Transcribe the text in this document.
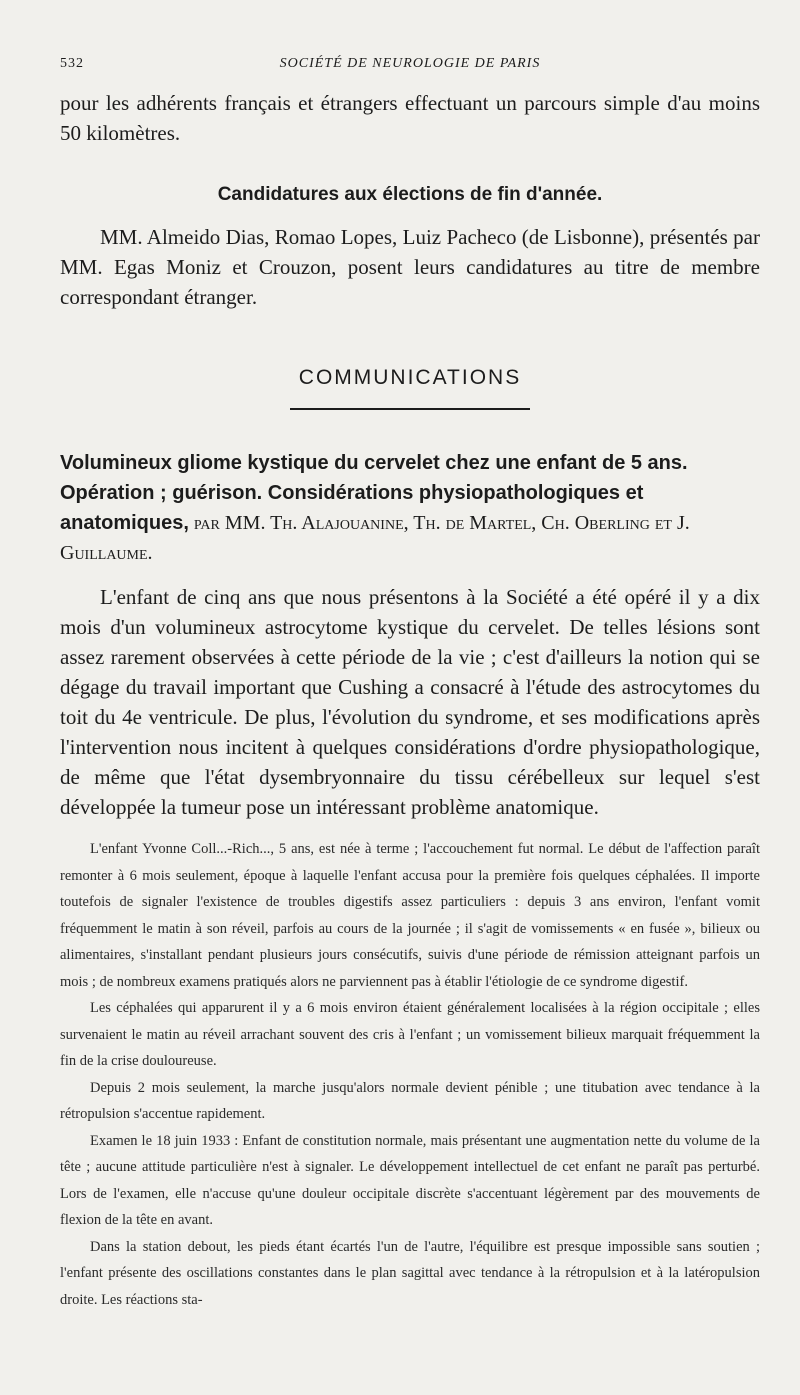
532	SOCIÉTÉ DE NEUROLOGIE DE PARIS

pour les adhérents français et étrangers effectuant un parcours simple d'au moins 50 kilomètres.

Candidatures aux élections de fin d'année.

MM. Almeido Dias, Romao Lopes, Luiz Pacheco (de Lisbonne), présentés par MM. Egas Moniz et Crouzon, posent leurs candidatures au titre de membre correspondant étranger.

COMMUNICATIONS
Volumineux gliome kystique du cervelet chez une enfant de 5 ans. Opération ; guérison. Considérations physiopathologiques et anatomiques, par MM. Th. Alajouanine, Th. de Martel, Ch. Oberling et J. Guillaume.

L'enfant de cinq ans que nous présentons à la Société a été opéré il y a dix mois d'un volumineux astrocytome kystique du cervelet. De telles lésions sont assez rarement observées à cette période de la vie ; c'est d'ailleurs la notion qui se dégage du travail important que Cushing a consacré à l'étude des astrocytomes du toit du 4e ventricule. De plus, l'évolution du syndrome, et ses modifications après l'intervention nous incitent à quelques considérations d'ordre physiopathologique, de même que l'état dysembryonnaire du tissu cérébelleux sur lequel s'est développée la tumeur pose un intéressant problème anatomique.

L'enfant Yvonne Coll...-Rich..., 5 ans, est née à terme ; l'accouchement fut normal. Le début de l'affection paraît remonter à 6 mois seulement, époque à laquelle l'enfant accusa pour la première fois quelques céphalées. Il importe toutefois de signaler l'existence de troubles digestifs assez particuliers : depuis 3 ans environ, l'enfant vomit fréquemment le matin à son réveil, parfois au cours de la journée ; il s'agit de vomissements « en fusée », bilieux ou alimentaires, s'installant pendant plusieurs jours consécutifs, suivis d'une période de rémission atteignant parfois un mois ; de nombreux examens pratiqués alors ne parviennent pas à établir l'étiologie de ce syndrome digestif.

Les céphalées qui apparurent il y a 6 mois environ étaient généralement localisées à la région occipitale ; elles survenaient le matin au réveil arrachant souvent des cris à l'enfant ; un vomissement bilieux marquait fréquemment la fin de la crise douloureuse.

Depuis 2 mois seulement, la marche jusqu'alors normale devient pénible ; une titubation avec tendance à la rétropulsion s'accentue rapidement.

Examen le 18 juin 1933 : Enfant de constitution normale, mais présentant une augmentation nette du volume de la tête ; aucune attitude particulière n'est à signaler. Le développement intellectuel de cet enfant ne paraît pas perturbé. Lors de l'examen, elle n'accuse qu'une douleur occipitale discrète s'accentuant légèrement par des mouvements de flexion de la tête en avant.

Dans la station debout, les pieds étant écartés l'un de l'autre, l'équilibre est presque impossible sans soutien ; l'enfant présente des oscillations constantes dans le plan sagittal avec tendance à la rétropulsion et à la latéropulsion droite. Les réactions sta-
